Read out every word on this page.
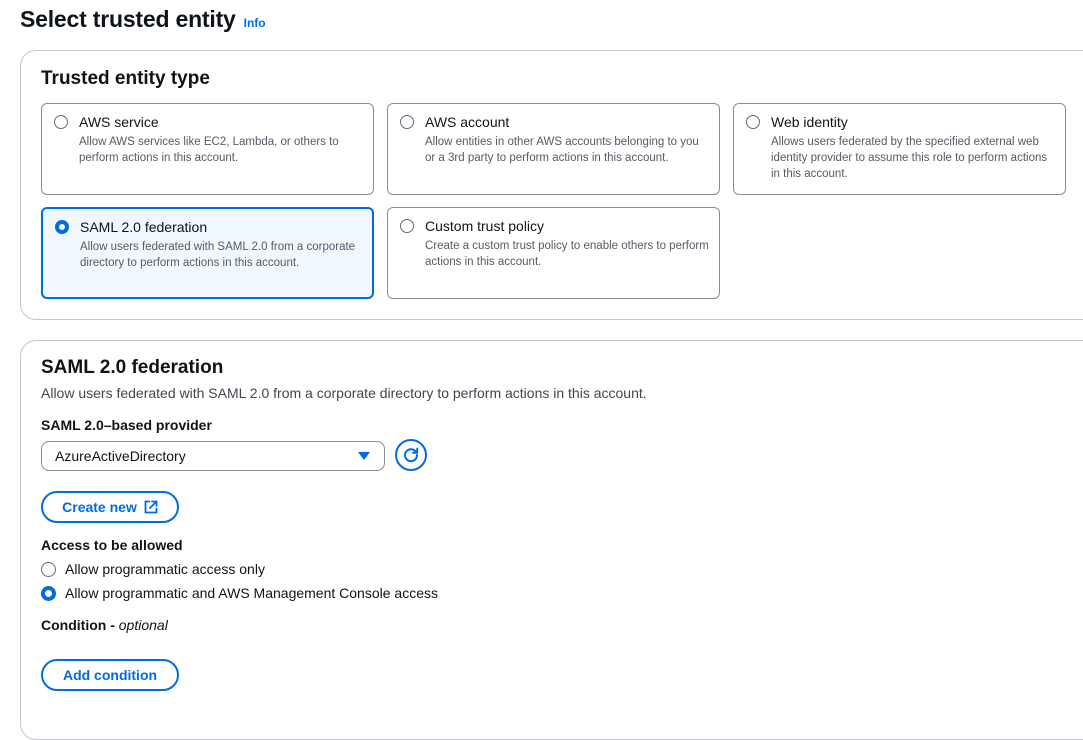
Select trusted entity Info
Trusted entity type
AWS service
Allow AWS services like EC2, Lambda, or others to perform actions in this account.
AWS account
Allow entities in other AWS accounts belonging to you or a 3rd party to perform actions in this account.
Web identity
Allows users federated by the specified external web identity provider to assume this role to perform actions in this account.
SAML 2.0 federation
Allow users federated with SAML 2.0 from a corporate directory to perform actions in this account.
Custom trust policy
Create a custom trust policy to enable others to perform actions in this account.
SAML 2.0 federation
Allow users federated with SAML 2.0 from a corporate directory to perform actions in this account.
SAML 2.0–based provider
AzureActiveDirectory
Create new
Access to be allowed
Allow programmatic access only
Allow programmatic and AWS Management Console access
Condition - optional
Add condition
